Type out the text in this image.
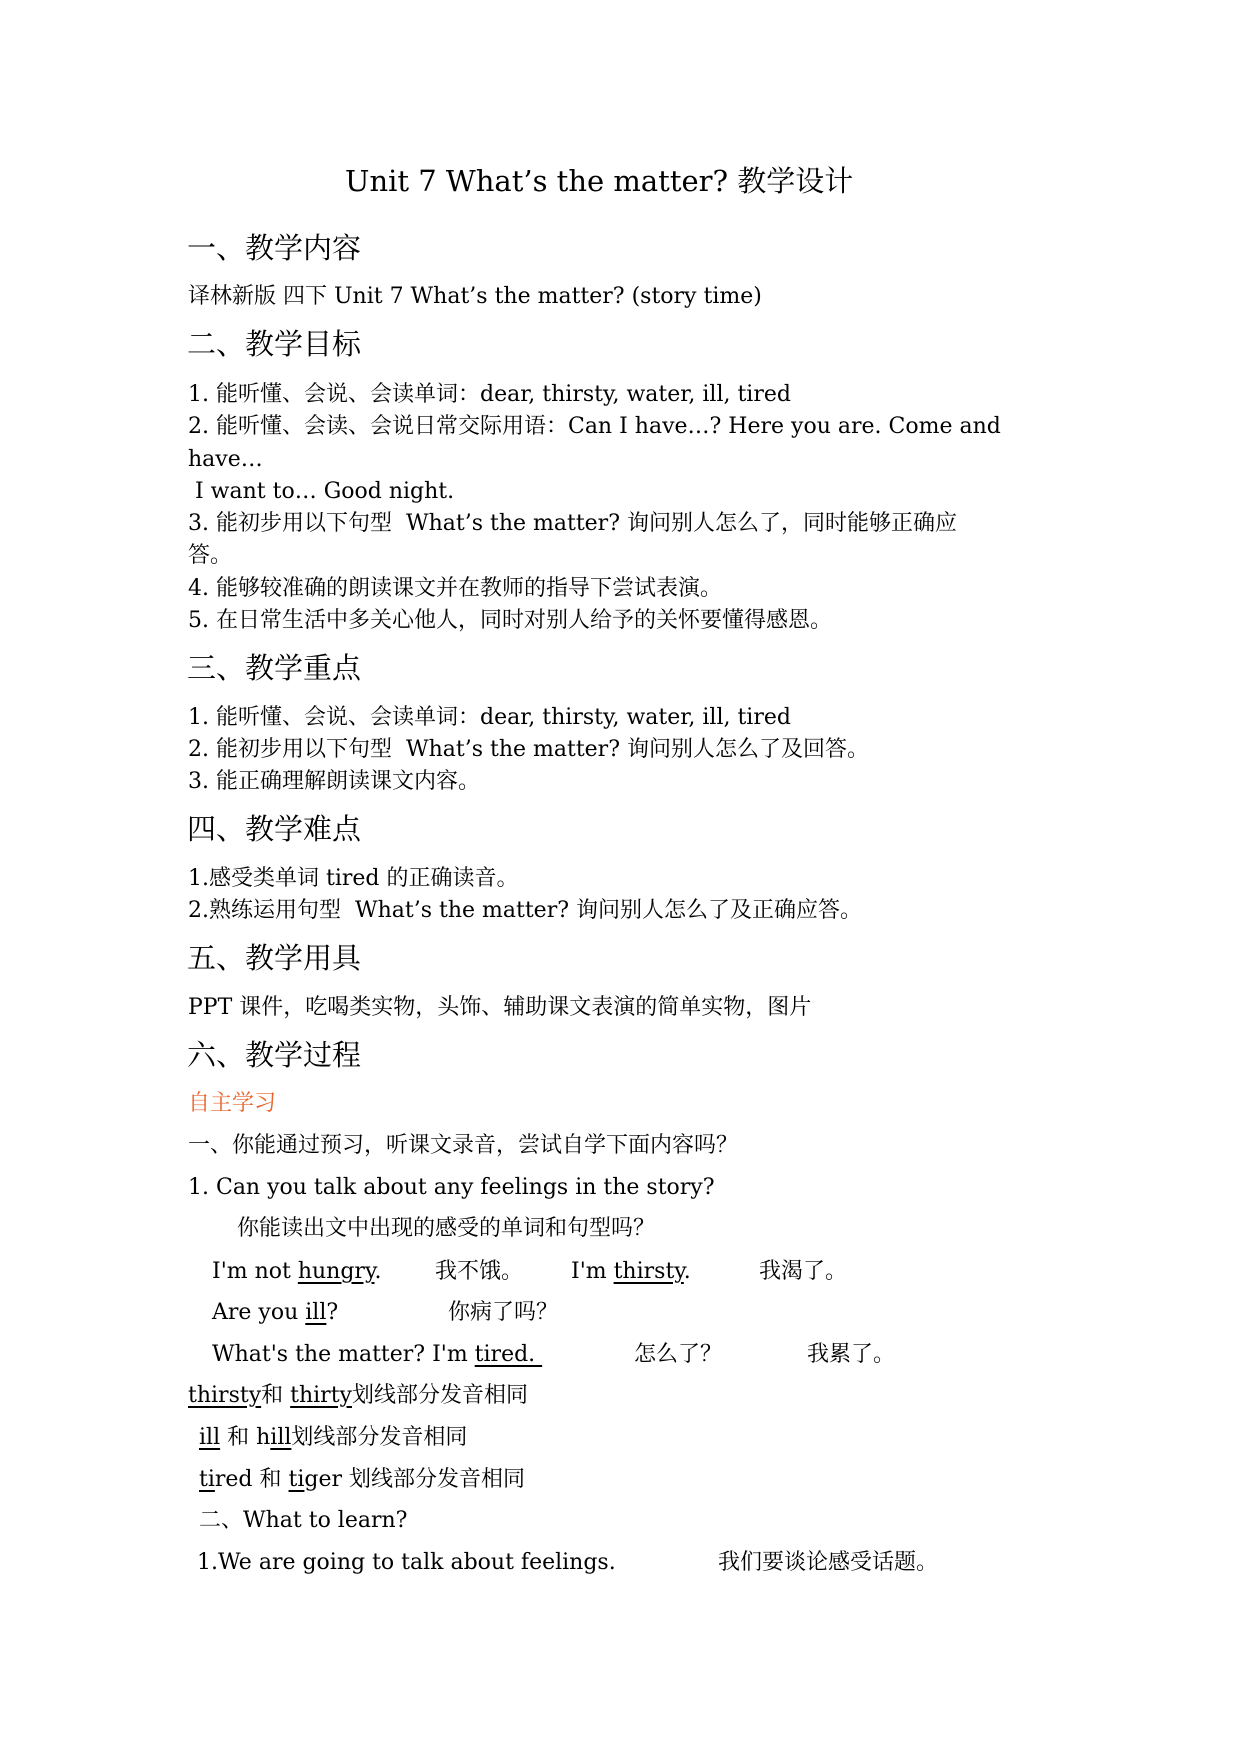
Unit 7 What’s the matter? 教学设计
一、教学内容
译林新版 四下 Unit 7 What’s the matter? (story time)
二、教学目标
1. 能听懂、会说、会读单词：dear, thirsty, water, ill, tired
2. 能听懂、会读、会说日常交际用语：Can I have…? Here you are. Come and
have…
I want to… Good night.
3. 能初步用以下句型  What’s the matter? 询问别人怎么了，同时能够正确应
答。
4. 能够较准确的朗读课文并在教师的指导下尝试表演。
5. 在日常生活中多关心他人，同时对别人给予的关怀要懂得感恩。
三、教学重点
1. 能听懂、会说、会读单词：dear, thirsty, water, ill, tired
2. 能初步用以下句型  What’s the matter? 询问别人怎么了及回答。
3. 能正确理解朗读课文内容。
四、教学难点
1.感受类单词 tired 的正确读音。
2.熟练运用句型  What’s the matter? 询问别人怎么了及正确应答。
五、教学用具
PPT 课件，吃喝类实物，头饰、辅助课文表演的简单实物，图片
六、教学过程
自主学习
一、你能通过预习，听课文录音，尝试自学下面内容吗？
1. Can you talk about any feelings in the story?
你能读出文中出现的感受的单词和句型吗？
I'm not hungry. 我不饿。 I'm thirsty.	我渴了。
Are you ill?	你病了吗？
What's the matter? I'm tired.	怎么了？	我累了。
thirsty和 thirty划线部分发音相同
ill 和 hill划线部分发音相同
tired 和 tiger 划线部分发音相同
二、What to learn?
1.We are going to talk about feelings.	我们要谈论感受话题。
